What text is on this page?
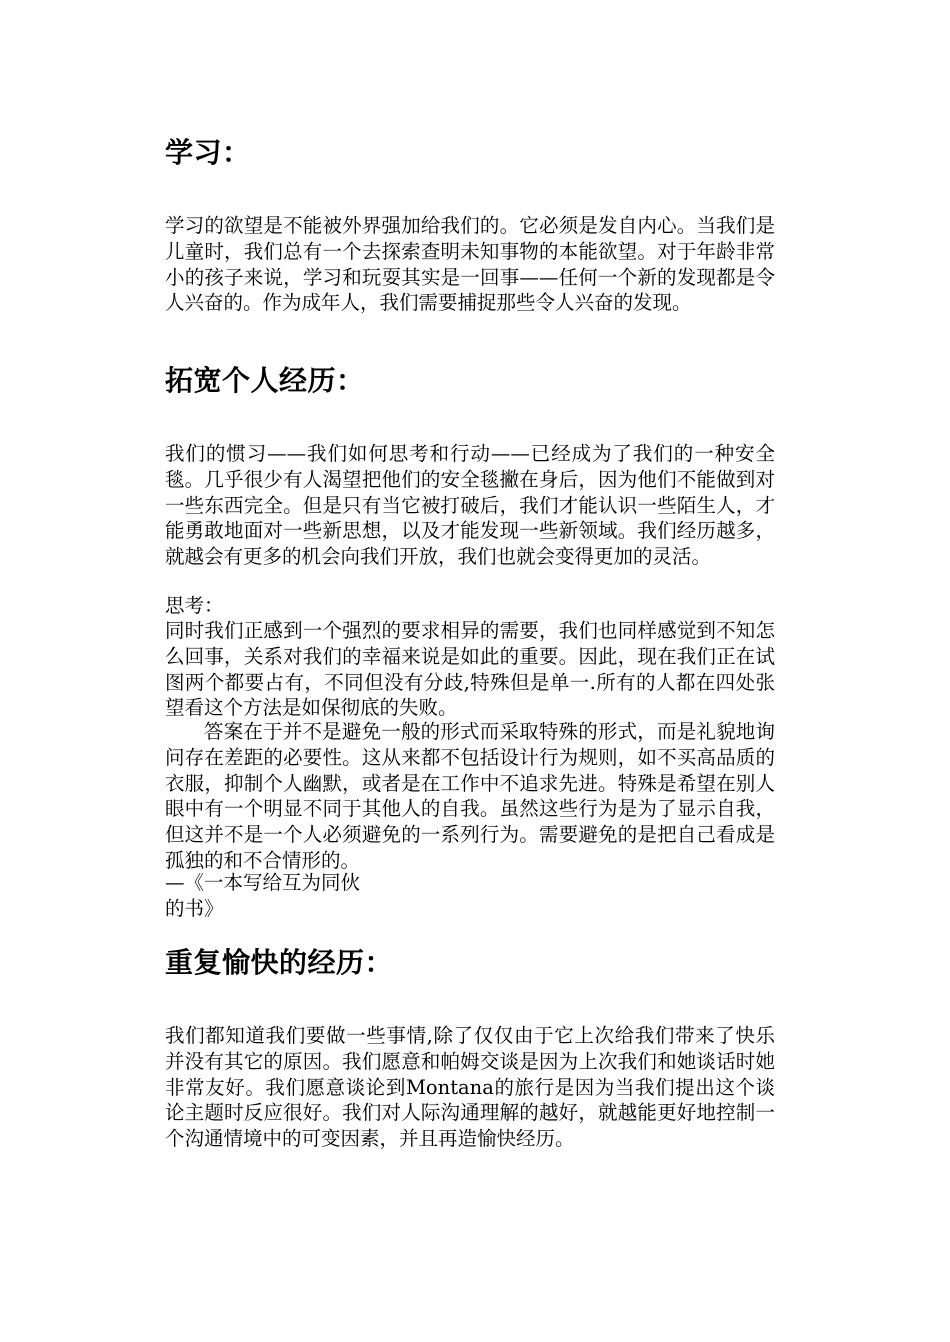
学习：

学习的欲望是不能被外界强加给我们的。它必须是发自内心。当我们是儿童时，我们总有一个去探索查明未知事物的本能欲望。对于年龄非常小的孩子来说，学习和玩耍其实是一回事——任何一个新的发现都是令人兴奋的。作为成年人，我们需要捕捉那些令人兴奋的发现。

拓宽个人经历：

我们的惯习——我们如何思考和行动——已经成为了我们的一种安全毯。几乎很少有人渴望把他们的安全毯撇在身后，因为他们不能做到对一些东西完全。但是只有当它被打破后，我们才能认识一些陌生人，才能勇敢地面对一些新思想，以及才能发现一些新领域。我们经历越多，就越会有更多的机会向我们开放，我们也就会变得更加的灵活。

思考：

同时我们正感到一个强烈的要求相异的需要，我们也同样感觉到不知怎么回事，关系对我们的幸福来说是如此的重要。因此，现在我们正在试图两个都要占有，不同但没有分歧,特殊但是单一.所有的人都在四处张望看这个方法是如保彻底的失败。

答案在于并不是避免一般的形式而采取特殊的形式，而是礼貌地询问存在差距的必要性。这从来都不包括设计行为规则，如不买高品质的衣服，抑制个人幽默，或者是在工作中不追求先进。特殊是希望在别人眼中有一个明显不同于其他人的自我。虽然这些行为是为了显示自我，但这并不是一个人必须避免的一系列行为。需要避免的是把自己看成是孤独的和不合情形的。

—《一本写给互为同伙

的书》

重复愉快的经历：

我们都知道我们要做一些事情,除了仅仅由于它上次给我们带来了快乐并没有其它的原因。我们愿意和帕姆交谈是因为上次我们和她谈话时她非常友好。我们愿意谈论到Montana的旅行是因为当我们提出这个谈论主题时反应很好。我们对人际沟通理解的越好，就越能更好地控制一个沟通情境中的可变因素，并且再造愉快经历。
